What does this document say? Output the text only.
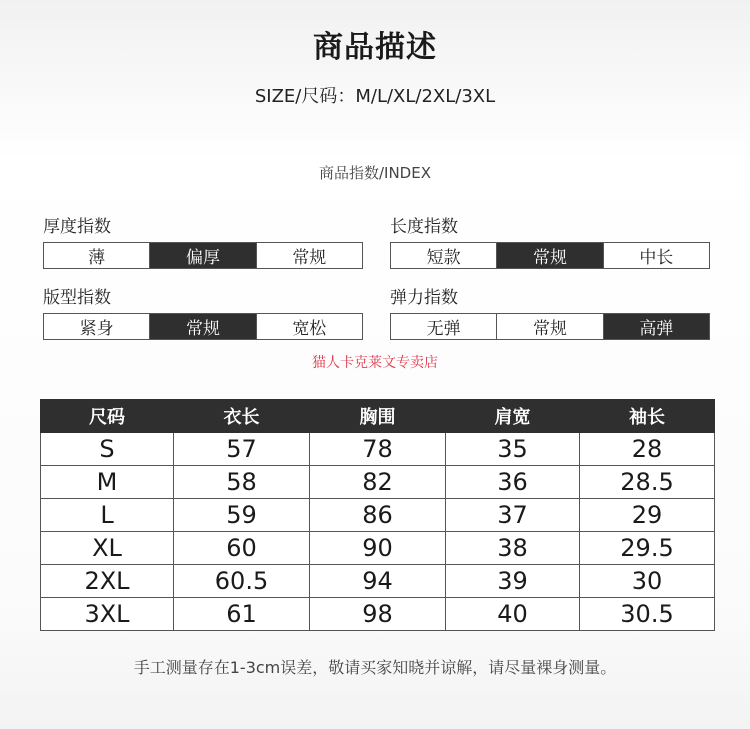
商品描述
SIZE/尺码：M/L/XL/2XL/3XL
商品指数/INDEX
厚度指数
薄	偏厚	常规
长度指数
短款	常规	中长
版型指数
紧身	常规	宽松
弹力指数
无弹	常规	高弹
猫人卡克莱文专卖店
尺码	衣长	胸围	肩宽	袖长
S	57	78	35	28
M	58	82	36	28.5
L	59	86	37	29
XL	60	90	38	29.5
2XL	60.5	94	39	30
3XL	61	98	40	30.5
手工测量存在1-3cm误差，敬请买家知晓并谅解，请尽量裸身测量。
